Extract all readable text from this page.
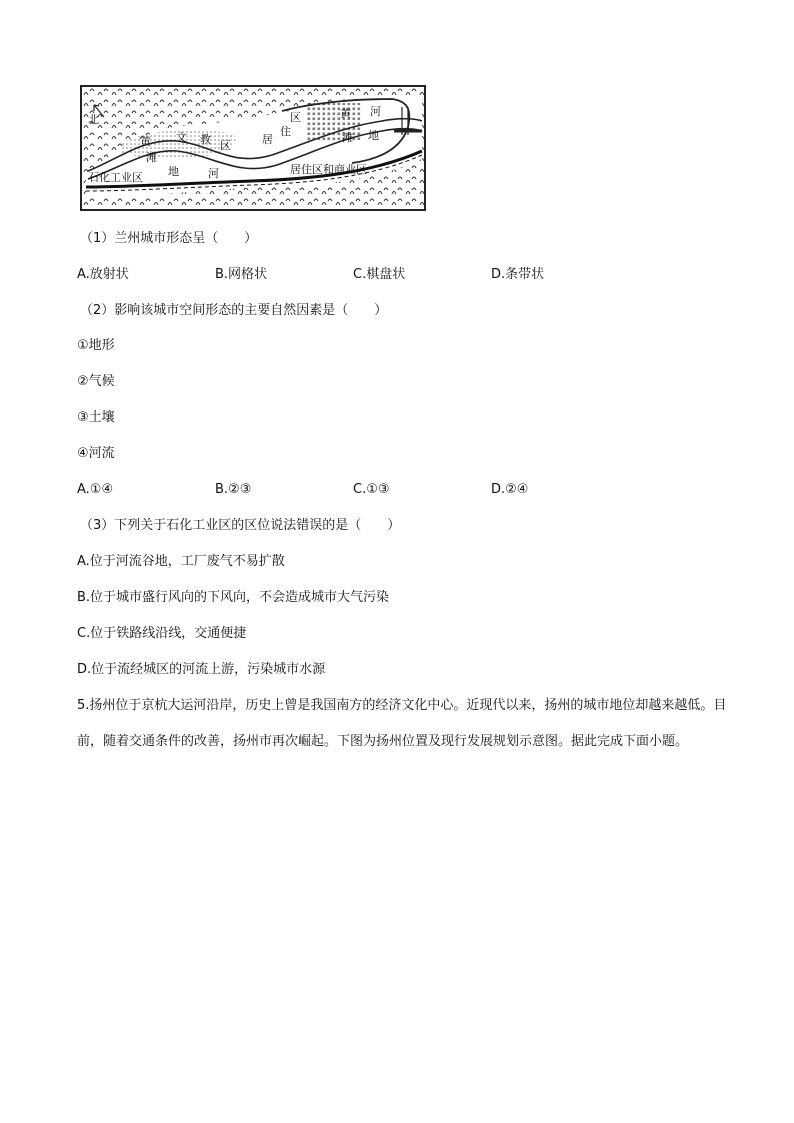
北
黄 文 教 区
滩
地	河
居
住
区	黄 河
滩 地
石化工业区
居住区和商业区
（1）兰州城市形态呈（　　）
A.放射状	B.网格状	C.棋盘状	D.条带状
（2）影响该城市空间形态的主要自然因素是（　　）
①地形
②气候
③土壤
④河流
A.①④	B.②③	C.①③	D.②④
（3）下列关于石化工业区的区位说法错误的是（　　）
A.位于河流谷地，工厂废气不易扩散
B.位于城市盛行风向的下风向，不会造成城市大气污染
C.位于铁路线沿线，交通便捷
D.位于流经城区的河流上游，污染城市水源
5.扬州位于京杭大运河沿岸，历史上曾是我国南方的经济文化中心。近现代以来，扬州的城市地位却越来越低。目前，随着交通条件的改善，扬州市再次崛起。下图为扬州位置及现行发展规划示意图。据此完成下面小题。
